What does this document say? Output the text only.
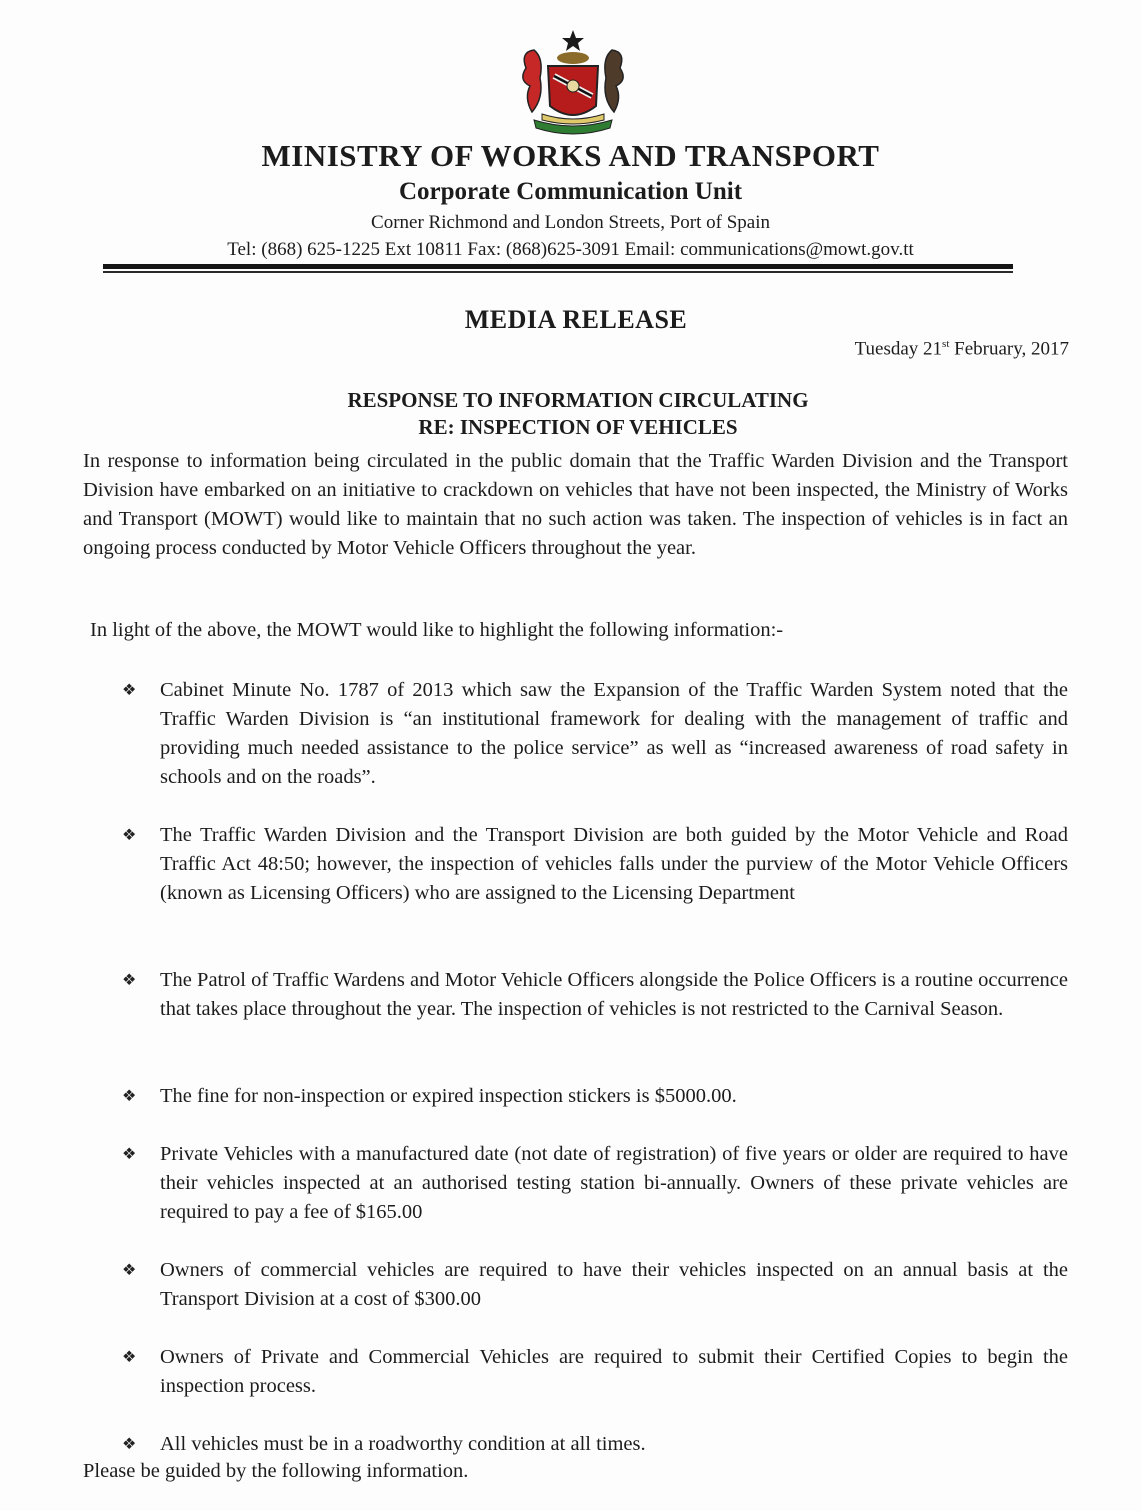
MINISTRY OF WORKS AND TRANSPORT
Corporate Communication Unit
Corner Richmond and London Streets, Port of Spain
Tel: (868) 625-1225 Ext 10811 Fax: (868)625-3091 Email: communications@mowt.gov.tt
MEDIA RELEASE
Tuesday 21st February, 2017
RESPONSE TO INFORMATION CIRCULATING
RE: INSPECTION OF VEHICLES
In response to information being circulated in the public domain that the Traffic Warden Division and the Transport Division have embarked on an initiative to crackdown on vehicles that have not been inspected, the Ministry of Works and Transport (MOWT) would like to maintain that no such action was taken. The inspection of vehicles is in fact an ongoing process conducted by Motor Vehicle Officers throughout the year.
In light of the above, the MOWT would like to highlight the following information:-
❖	Cabinet Minute No. 1787 of 2013 which saw the Expansion of the Traffic Warden System noted that the Traffic Warden Division is “an institutional framework for dealing with the management of traffic and providing much needed assistance to the police service” as well as “increased awareness of road safety in schools and on the roads”.
❖	The Traffic Warden Division and the Transport Division are both guided by the Motor Vehicle and Road Traffic Act 48:50; however, the inspection of vehicles falls under the purview of the Motor Vehicle Officers (known as Licensing Officers) who are assigned to the Licensing Department
❖	The Patrol of Traffic Wardens and Motor Vehicle Officers alongside the Police Officers is a routine occurrence that takes place throughout the year. The inspection of vehicles is not restricted to the Carnival Season.
❖	The fine for non-inspection or expired inspection stickers is $5000.00.
❖	Private Vehicles with a manufactured date (not date of registration) of five years or older are required to have their vehicles inspected at an authorised testing station bi-annually. Owners of these private vehicles are required to pay a fee of $165.00
❖	Owners of commercial vehicles are required to have their vehicles inspected on an annual basis at the Transport Division at a cost of $300.00
❖	Owners of Private and Commercial Vehicles are required to submit their Certified Copies to begin the inspection process.
❖	All vehicles must be in a roadworthy condition at all times.
Please be guided by the following information.
